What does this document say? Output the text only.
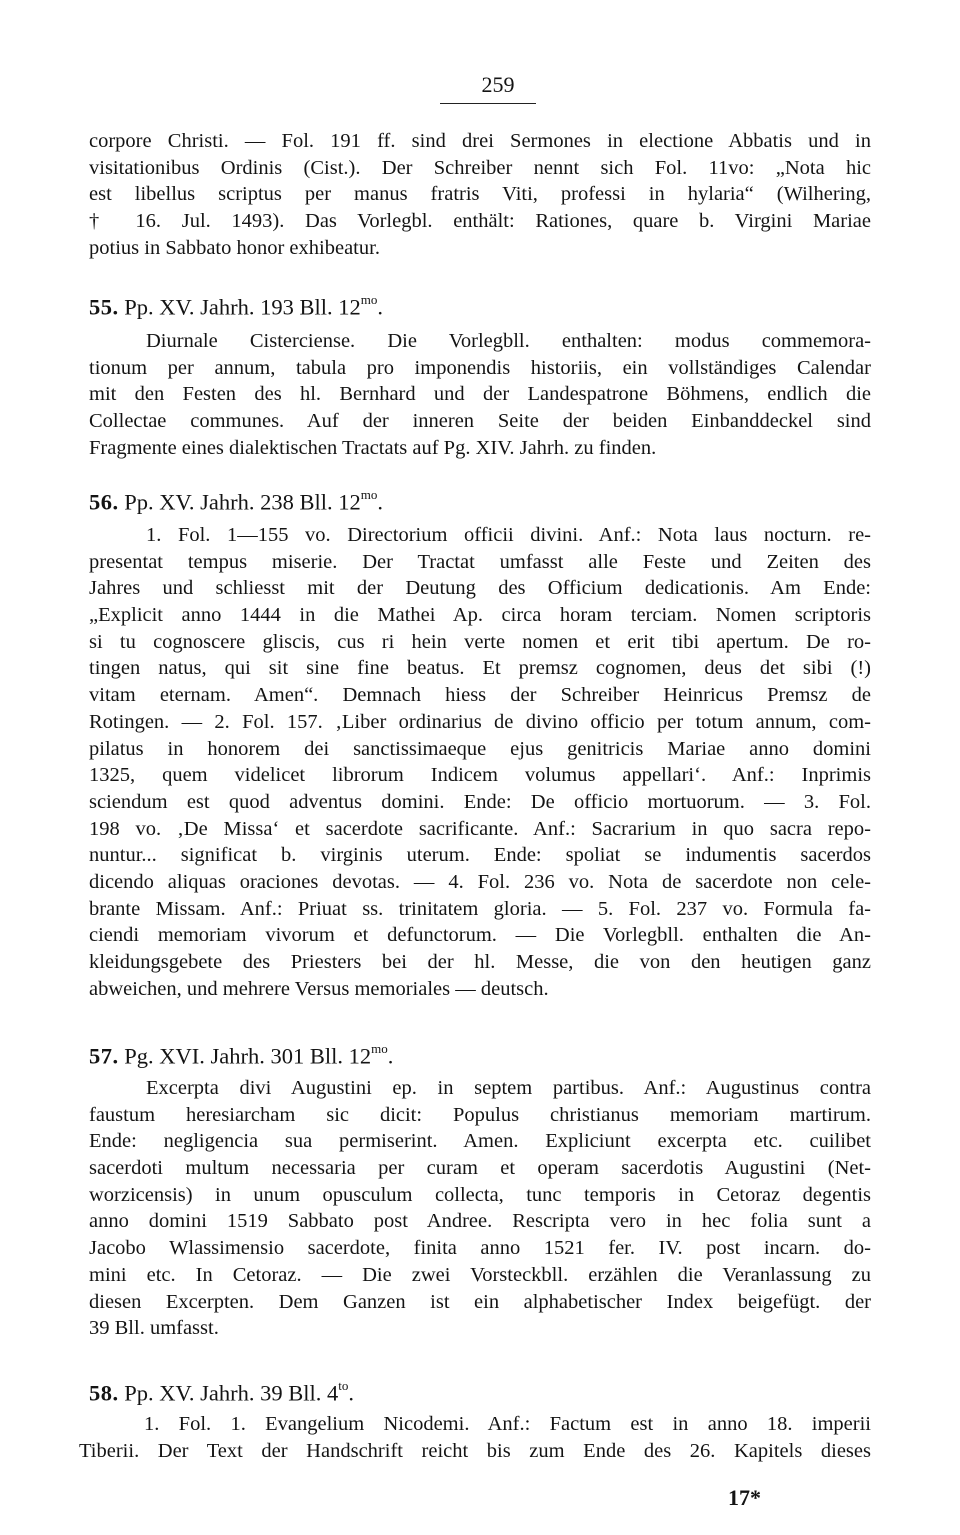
259
corpore Christi. — Fol. 191 ff. sind drei Sermones in electione Abbatis und in
visitationibus Ordinis (Cist.). Der Schreiber nennt sich Fol. 11vo: „Nota hic
est libellus scriptus per manus fratris Viti, professi in hylaria“ (Wilhering,
† 16. Jul. 1493). Das Vorlegbl. enthält: Rationes, quare b. Virgini Mariae
potius in Sabbato honor exhibeatur.
55. Pp. XV. Jahrh. 193 Bll. $12^{mo}$.
Diurnale Cisterciense. Die Vorlegbll. enthalten: modus commemora-
tionum per annum, tabula pro imponendis historiis, ein vollständiges Calendar
mit den Festen des hl. Bernhard und der Landespatrone Böhmens, endlich die
Collectae communes. Auf der inneren Seite der beiden Einbanddeckel sind
Fragmente eines dialektischen Tractats auf Pg. XIV. Jahrh. zu finden.
56. Pp. XV. Jahrh. 238 Bll. $12^{mo}$.
1. Fol. 1—155 vo. Directorium officii divini. Anf.: Nota laus nocturn. re-
presentat tempus miserie. Der Tractat umfasst alle Feste und Zeiten des
Jahres und schliesst mit der Deutung des Officium dedicationis. Am Ende:
„Explicit anno 1444 in die Mathei Ap. circa horam terciam. Nomen scriptoris
si tu cognoscere gliscis, cus ri hein verte nomen et erit tibi apertum. De ro-
tingen natus, qui sit sine fine beatus. Et premsz cognomen, deus det sibi (!)
vitam eternam. Amen“. Demnach hiess der Schreiber Heinricus Premsz de
Rotingen. — 2. Fol. 157. ‚Liber ordinarius de divino officio per totum annum, com-
pilatus in honorem dei sanctissimaeque ejus genitricis Mariae anno domini
1325, quem videlicet librorum Indicem volumus appellari‘. Anf.: Inprimis
sciendum est quod adventus domini. Ende: De officio mortuorum. — 3. Fol.
198 vo. ‚De Missa‘ et sacerdote sacrificante. Anf.: Sacrarium in quo sacra repo-
nuntur... significat b. virginis uterum. Ende: spoliat se indumentis sacerdos
dicendo aliquas oraciones devotas. — 4. Fol. 236 vo. Nota de sacerdote non cele-
brante Missam. Anf.: Priuat ss. trinitatem gloria. — 5. Fol. 237 vo. Formula fa-
ciendi memoriam vivorum et defunctorum. — Die Vorlegbll. enthalten die An-
kleidungsgebete des Priesters bei der hl. Messe, die von den heutigen ganz
abweichen, und mehrere Versus memoriales — deutsch.
57. Pg. XVI. Jahrh. 301 Bll. $12^{mo}$.
Excerpta divi Augustini ep. in septem partibus. Anf.: Augustinus contra
faustum heresiarcham sic dicit: Populus christianus memoriam martirum.
Ende: negligencia sua permiserint. Amen. Expliciunt excerpta etc. cuilibet
sacerdoti multum necessaria per curam et operam sacerdotis Augustini (Net-
worzicensis) in unum opusculum collecta, tunc temporis in Cetoraz degentis
anno domini 1519 Sabbato post Andree. Rescripta vero in hec folia sunt a
Jacobo Wlassimensio sacerdote, finita anno 1521 fer. IV. post incarn. do-
mini etc. In Cetoraz. — Die zwei Vorsteckbll. erzählen die Veranlassung zu
diesen Excerpten. Dem Ganzen ist ein alphabetischer Index beigefügt. der
39 Bll. umfasst.
58. Pp. XV. Jahrh. 39 Bll. $4^{to}$.
1. Fol. 1. Evangelium Nicodemi. Anf.: Factum est in anno 18. imperii
Tiberii. Der Text der Handschrift reicht bis zum Ende des 26. Kapitels dieses
17*
